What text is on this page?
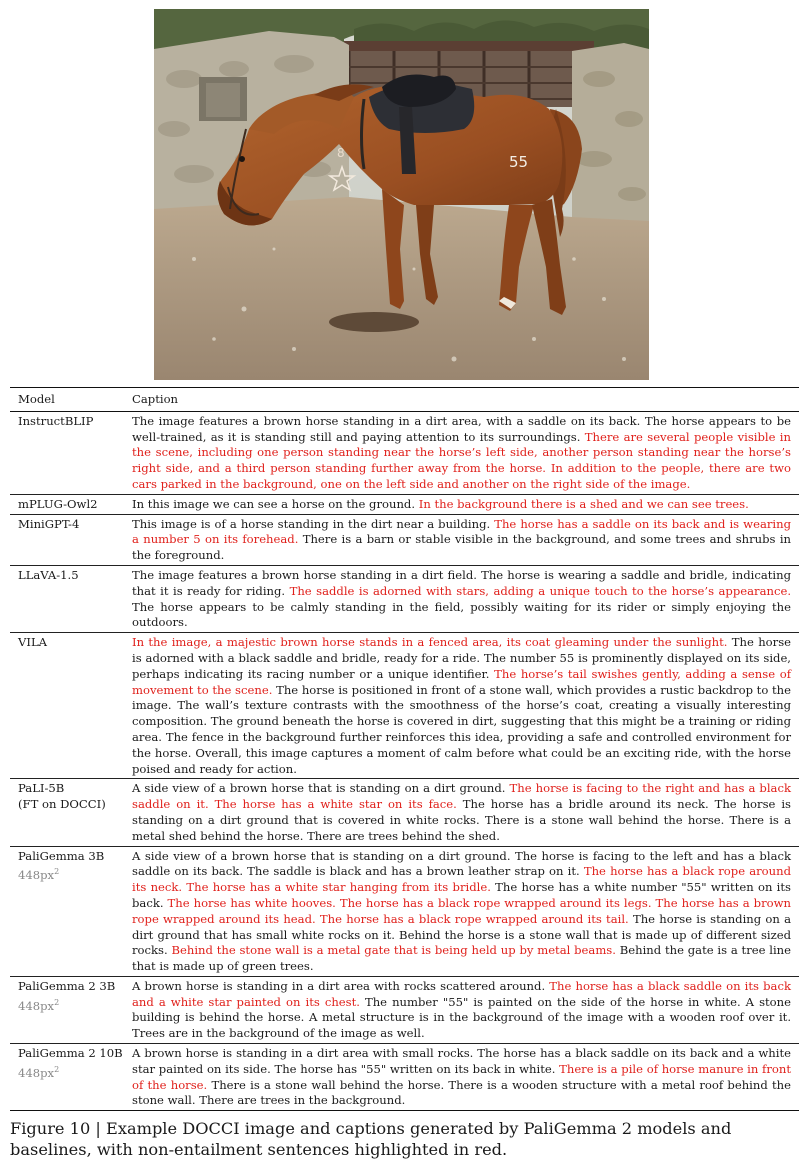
55
8
Model	Caption

InstructBLIP	The image features a brown horse standing in a dirt area, with a saddle on its back. The horse appears to be well-trained, as it is standing still and paying attention to its surroundings. There are several people visible in the scene, including one person standing near the horse’s left side, another person standing near the horse’s right side, and a third person standing further away from the horse. In addition to the people, there are two cars parked in the background, one on the left side and another on the right side of the image.

mPLUG-Owl2	In this image we can see a horse on the ground. In the background there is a shed and we can see trees.

MiniGPT-4	This image is of a horse standing in the dirt near a building. The horse has a saddle on its back and is wearing a number 5 on its forehead. There is a barn or stable visible in the background, and some trees and shrubs in the foreground.

LLaVA-1.5	The image features a brown horse standing in a dirt field. The horse is wearing a saddle and bridle, indicating that it is ready for riding. The saddle is adorned with stars, adding a unique touch to the horse’s appearance. The horse appears to be calmly standing in the field, possibly waiting for its rider or simply enjoying the outdoors.

VILA	In the image, a majestic brown horse stands in a fenced area, its coat gleaming under the sunlight. The horse is adorned with a black saddle and bridle, ready for a ride. The number 55 is prominently displayed on its side, perhaps indicating its racing number or a unique identifier. The horse’s tail swishes gently, adding a sense of movement to the scene. The horse is positioned in front of a stone wall, which provides a rustic backdrop to the image. The wall’s texture contrasts with the smoothness of the horse’s coat, creating a visually interesting composition. The ground beneath the horse is covered in dirt, suggesting that this might be a training or riding area. The fence in the background further reinforces this idea, providing a safe and controlled environment for the horse. Overall, this image captures a moment of calm before what could be an exciting ride, with the horse poised and ready for action.

PaLI-5B
(FT on DOCCI)	A side view of a brown horse that is standing on a dirt ground. The horse is facing to the right and has a black saddle on it. The horse has a white star on its face. The horse has a bridle around its neck. The horse is standing on a dirt ground that is covered in white rocks. There is a stone wall behind the horse. There is a metal shed behind the horse. There are trees behind the shed.

PaliGemma 3B
$448px^2$	A side view of a brown horse that is standing on a dirt ground. The horse is facing to the left and has a black saddle on its back. The saddle is black and has a brown leather strap on it. The horse has a black rope around its neck. The horse has a white star hanging from its bridle. The horse has a white number "55" written on its back. The horse has white hooves. The horse has a black rope wrapped around its legs. The horse has a brown rope wrapped around its head. The horse has a black rope wrapped around its tail. The horse is standing on a dirt ground that has small white rocks on it. Behind the horse is a stone wall that is made up of different sized rocks. Behind the stone wall is a metal gate that is being held up by metal beams. Behind the gate is a tree line that is made up of green trees.

PaliGemma 2 3B
$448px^2$	A brown horse is standing in a dirt area with rocks scattered around. The horse has a black saddle on its back and a white star painted on its chest. The number "55" is painted on the side of the horse in white. A stone building is behind the horse. A metal structure is in the background of the image with a wooden roof over it. Trees are in the background of the image as well.

PaliGemma 2 10B
$448px^2$	A brown horse is standing in a dirt area with small rocks. The horse has a black saddle on its back and a white star painted on its side. The horse has "55" written on its back in white. There is a pile of horse manure in front of the horse. There is a stone wall behind the horse. There is a wooden structure with a metal roof behind the stone wall. There are trees in the background.
Figure 10 | Example DOCCI image and captions generated by PaliGemma 2 models and baselines, with non-entailment sentences highlighted in red.
